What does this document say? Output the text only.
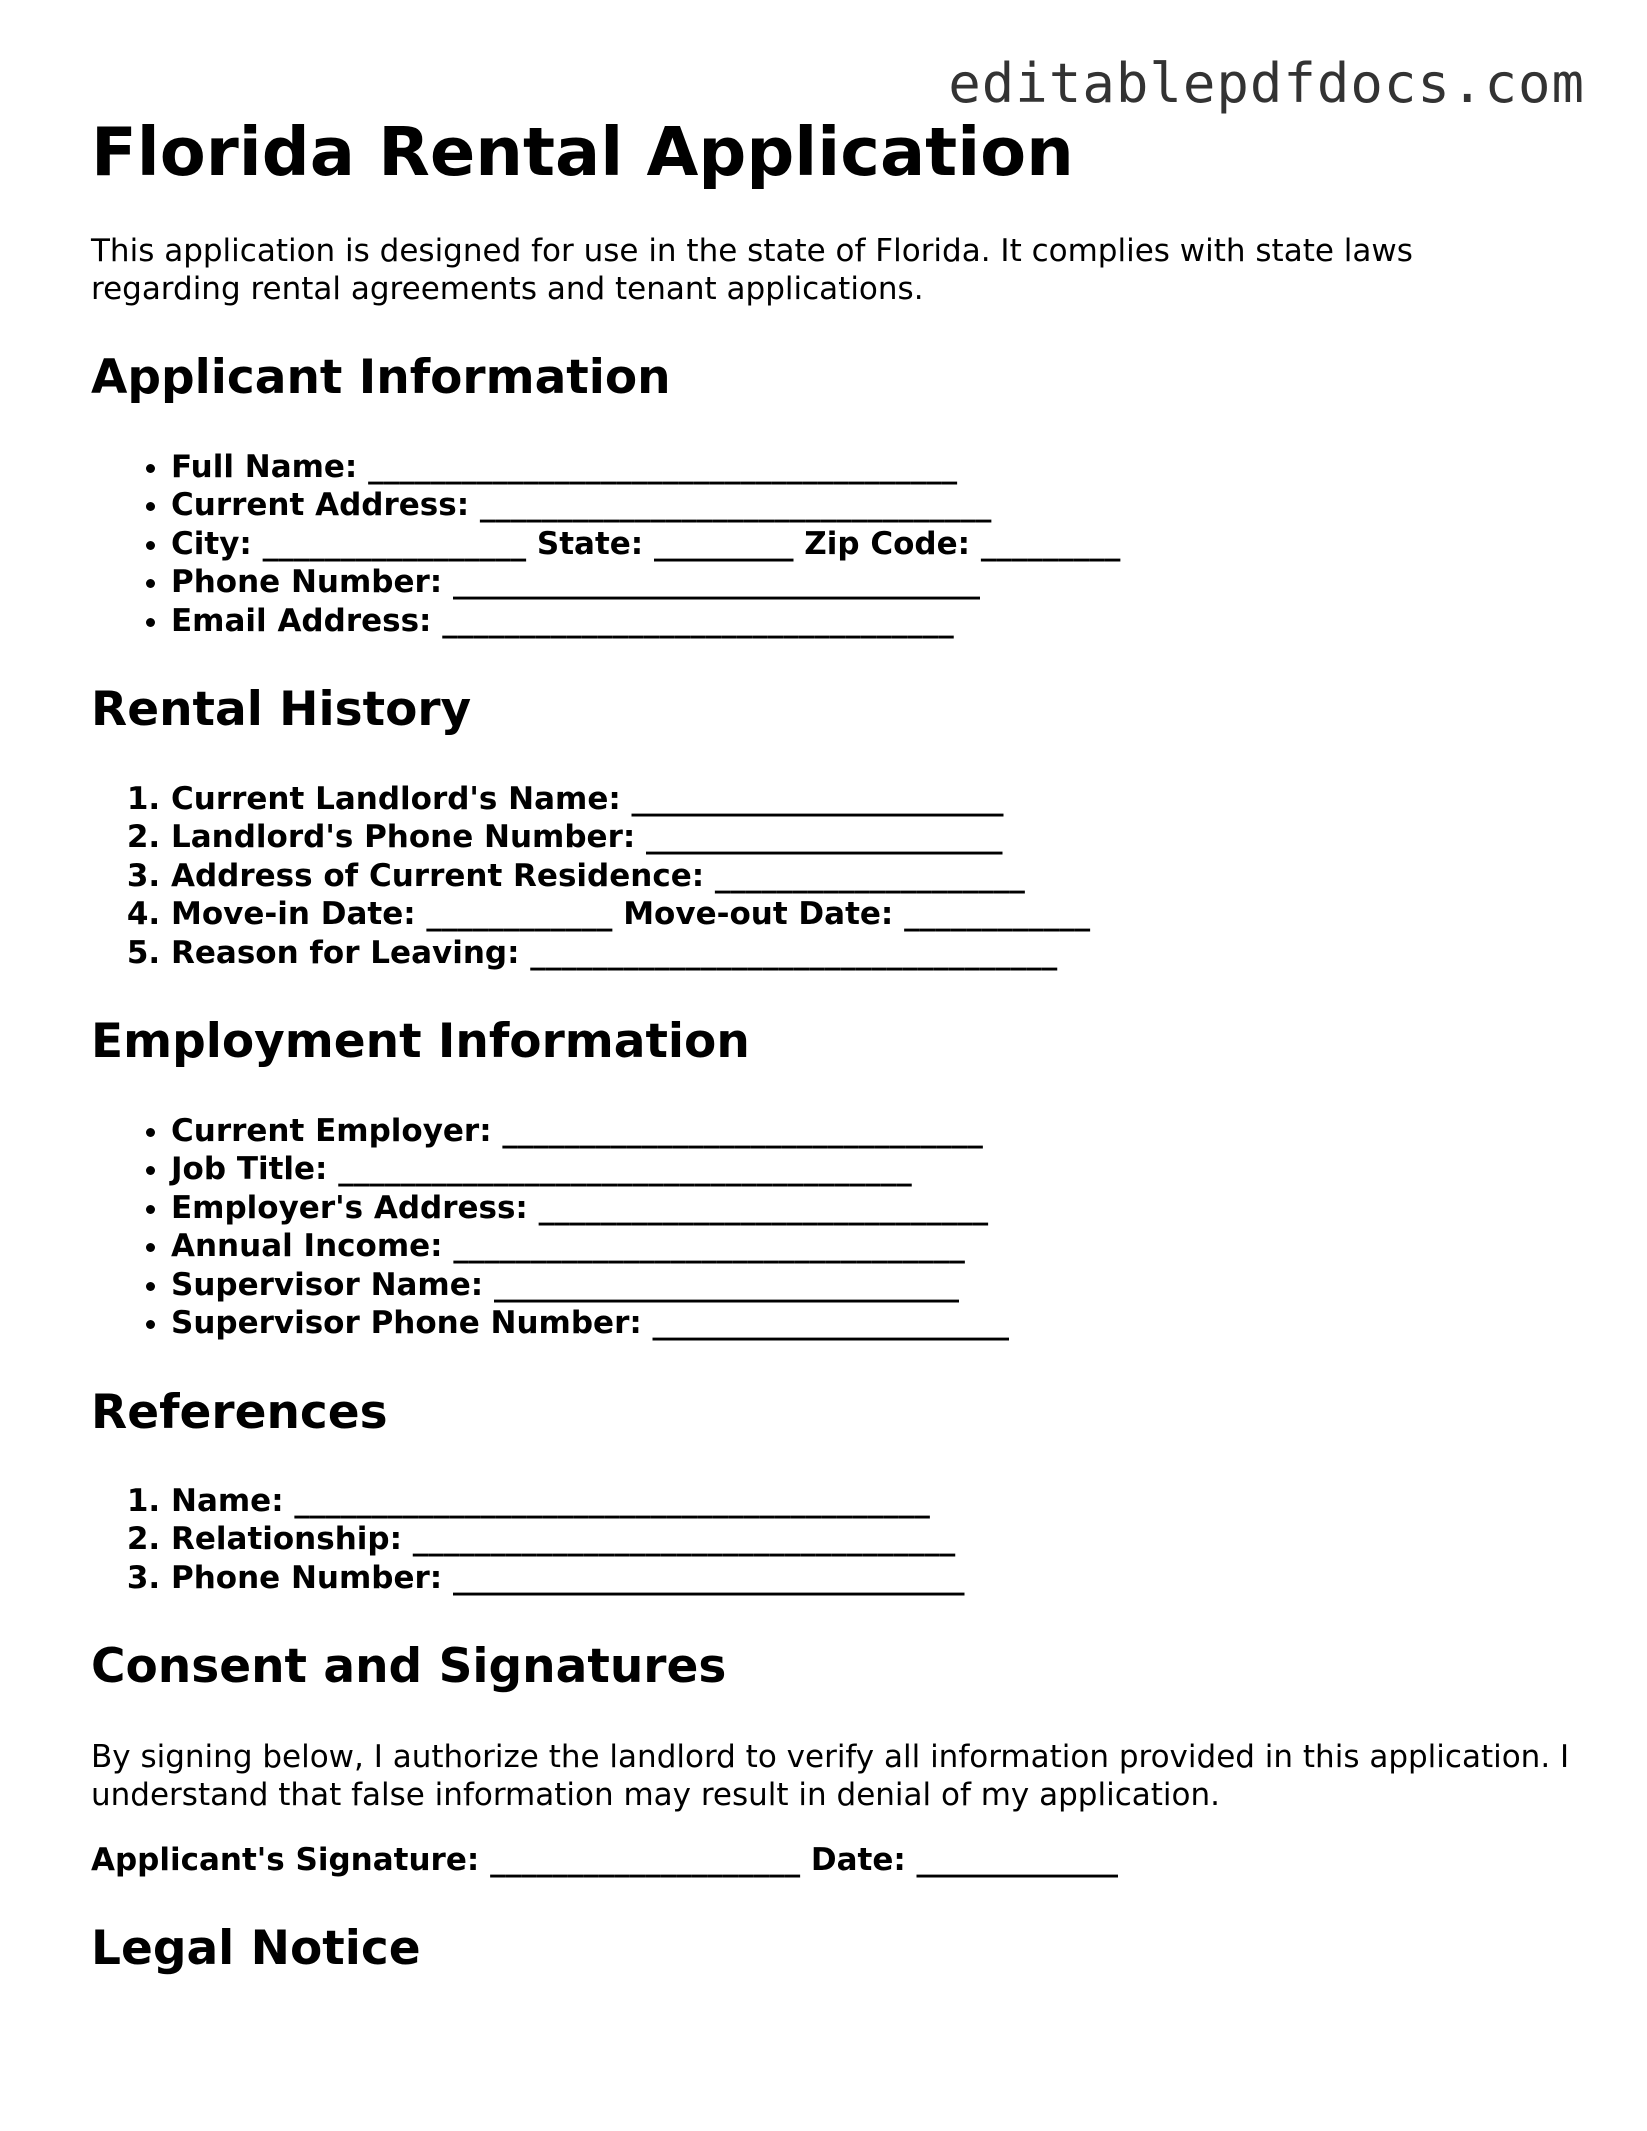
editablepdfdocs.com
Florida Rental Application

This application is designed for use in the state of Florida. It complies with state laws regarding rental agreements and tenant applications.

Applicant Information
• Full Name: ______________________________________
• Current Address: _________________________________
• City: _________________ State: _________ Zip Code: _________
• Phone Number: __________________________________
• Email Address: _________________________________
Rental History
1. Current Landlord's Name: ________________________
2. Landlord's Phone Number: _______________________
3. Address of Current Residence: ____________________
4. Move-in Date: ____________ Move-out Date: ____________
5. Reason for Leaving: __________________________________
Employment Information
• Current Employer: _______________________________
• Job Title: _____________________________________
• Employer's Address: _____________________________
• Annual Income: _________________________________
• Supervisor Name: ______________________________
• Supervisor Phone Number: _______________________
References
1. Name: _________________________________________
2. Relationship: ___________________________________
3. Phone Number: _________________________________
Consent and Signatures

By signing below, I authorize the landlord to verify all information provided in this application. I understand that false information may result in denial of my application.

Applicant's Signature: ____________________ Date: _____________
Legal Notice
